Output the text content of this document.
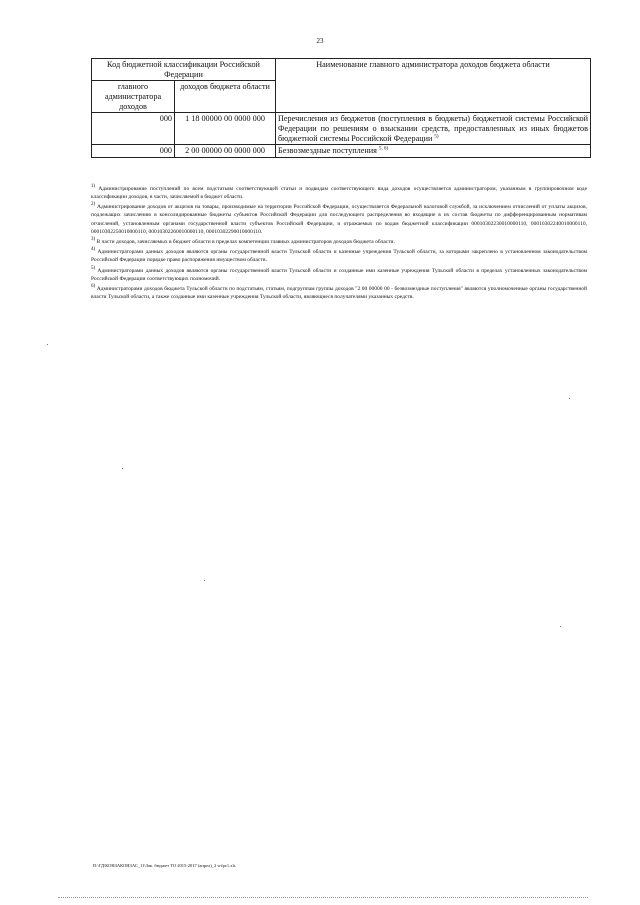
23
Код бюджетной классификации Российской Федерации		Наименование главного администратора доходов бюджета области
главного администратора доходов	доходов бюджета области	
000	1 18 00000 00 0000 000	Перечисления из бюджетов (поступления в бюджеты) бюджетной системы Российской Федерации по решениям о взыскании средств, предоставленных из иных бюджетов бюджетной системы Российской Федерации $^{5)}$
000	2 00 00000 00 0000 000	Безвозмездные поступления $^{5, 6)}$

$^{1)}$ Администрирование поступлений по всем подстатьям соответствующей статьи и подвидам соответствующего вида доходов осуществляется администратором, указанным в группировочном коде классификации доходов, в части, зачисляемой в бюджет области.

$^{2)}$ Администрирование доходов от акцизов на товары, производимые на территории Российской Федерации, осуществляется Федеральной налоговой службой, за исключением отчислений от уплаты акцизов, подлежащих зачислению в консолидированные бюджеты субъектов Российской Федерации для последующего распределения во входящие в их состав бюджеты по дифференцированным нормативам отчислений, установленным органами государственной власти субъектов Российской Федерации, и отражаемых по кодам бюджетной классификации 00010302230010000110, 00010302240010000110, 00010302250010000110, 00010302260010000110, 00010302290010000110.

$^{3)}$ В части доходов, зачисляемых в бюджет области в пределах компетенции главных администраторов доходов бюджета области.

$^{4)}$ Администраторами данных доходов являются органы государственной власти Тульской области и казенные учреждения Тульской области, за которыми закреплено в установленном законодательством Российской Федерации порядке право распоряжения имуществом области.

$^{5)}$ Администраторами данных доходов являются органы государственной власти Тульской области и созданные ими казенные учреждения Тульской области в пределах установленных законодательством Российской Федерации соответствующих полномочий.

$^{6)}$ Администраторами доходов бюджета Тульской области по подстатьям, статьям, подгруппам группы доходов "2 00 00000 00 - безвозмездные поступления" являются уполномоченные органы государственной власти Тульской области, а также созданные ими казенные учреждения Тульской области, являющиеся получателями указанных средств.

D:\ГД\КОНЗАКОНЗАС_11\Зак. бюджет ТО 2015-2017 (апрел)_2 wt\pr1.xls
